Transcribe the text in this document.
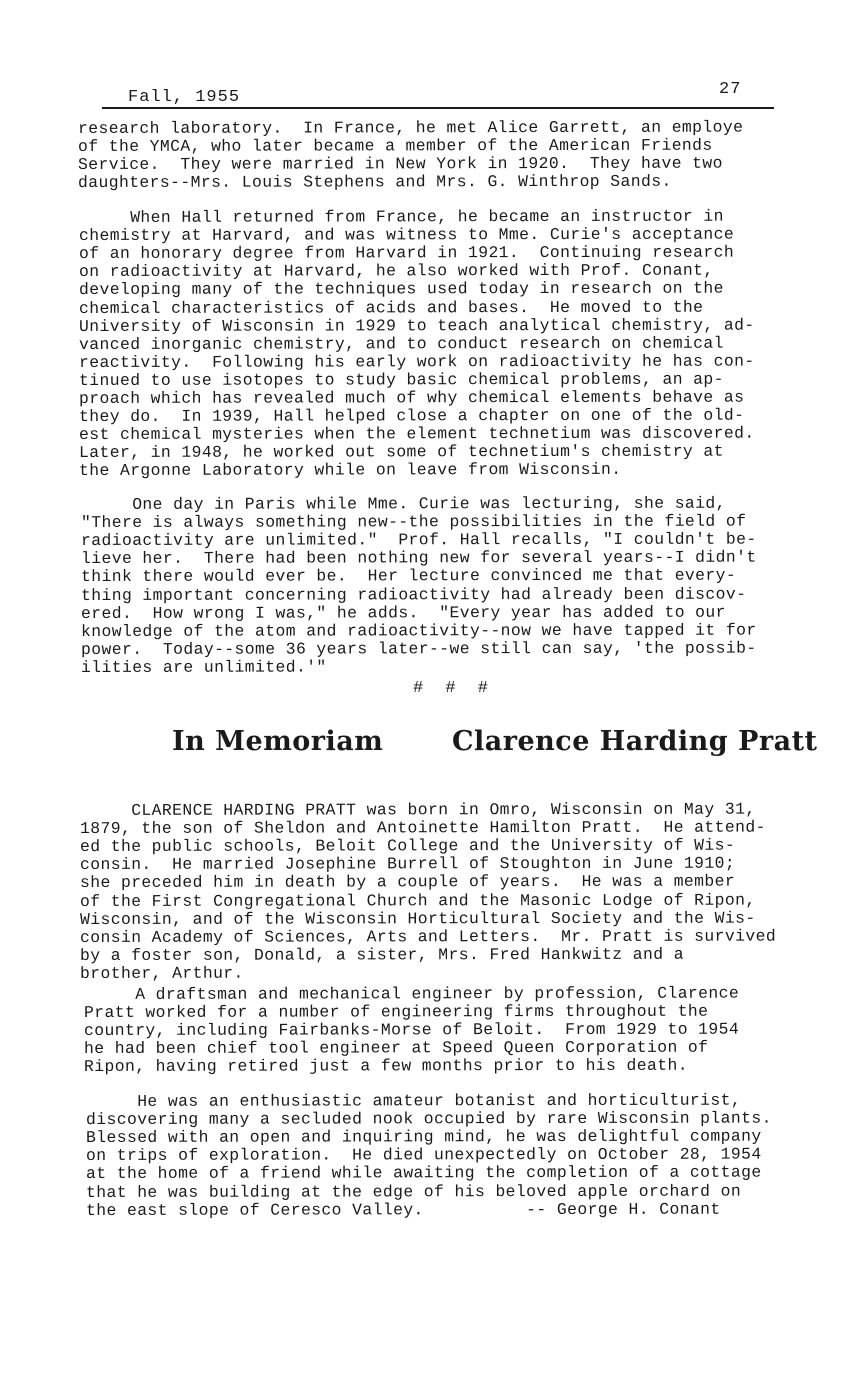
Fall, 1955	27
research laboratory.  In France, he met Alice Garrett, an employe
of the YMCA, who later became a member of the American Friends
Service.  They were married in New York in 1920.  They have two
daughters--Mrs. Louis Stephens and Mrs. G. Winthrop Sands.
When Hall returned from France, he became an instructor in
chemistry at Harvard, and was witness to Mme. Curie's acceptance
of an honorary degree from Harvard in 1921.  Continuing research
on radioactivity at Harvard, he also worked with Prof. Conant,
developing many of the techniques used today in research on the
chemical characteristics of acids and bases.  He moved to the
University of Wisconsin in 1929 to teach analytical chemistry, ad-
vanced inorganic chemistry, and to conduct research on chemical
reactivity.  Following his early work on radioactivity he has con-
tinued to use isotopes to study basic chemical problems, an ap-
proach which has revealed much of why chemical elements behave as
they do.  In 1939, Hall helped close a chapter on one of the old-
est chemical mysteries when the element technetium was discovered.
Later, in 1948, he worked out some of technetium's chemistry at
the Argonne Laboratory while on leave from Wisconsin.
One day in Paris while Mme. Curie was lecturing, she said,
"There is always something new--the possibilities in the field of
radioactivity are unlimited."  Prof. Hall recalls, "I couldn't be-
lieve her.  There had been nothing new for several years--I didn't
think there would ever be.  Her lecture convinced me that every-
thing important concerning radioactivity had already been discov-
ered.  How wrong I was," he adds.  "Every year has added to our
knowledge of the atom and radioactivity--now we have tapped it for
power.  Today--some 36 years later--we still can say, 'the possib-
ilities are unlimited.'"
# # #
In Memoriam	Clarence Harding Pratt
CLARENCE HARDING PRATT was born in Omro, Wisconsin on May 31,
1879, the son of Sheldon and Antoinette Hamilton Pratt.  He attend-
ed the public schools, Beloit College and the University of Wis-
consin.  He married Josephine Burrell of Stoughton in June 1910;
she preceded him in death by a couple of years.  He was a member
of the First Congregational Church and the Masonic Lodge of Ripon,
Wisconsin, and of the Wisconsin Horticultural Society and the Wis-
consin Academy of Sciences, Arts and Letters.  Mr. Pratt is survived
by a foster son, Donald, a sister, Mrs. Fred Hankwitz and a
brother, Arthur.
A draftsman and mechanical engineer by profession, Clarence
Pratt worked for a number of engineering firms throughout the
country, including Fairbanks-Morse of Beloit.  From 1929 to 1954
he had been chief tool engineer at Speed Queen Corporation of
Ripon, having retired just a few months prior to his death.
He was an enthusiastic amateur botanist and horticulturist,
discovering many a secluded nook occupied by rare Wisconsin plants.
Blessed with an open and inquiring mind, he was delightful company
on trips of exploration.  He died unexpectedly on October 28, 1954
at the home of a friend while awaiting the completion of a cottage
that he was building at the edge of his beloved apple orchard on
the east slope of Ceresco Valley.          -- George H. Conant
